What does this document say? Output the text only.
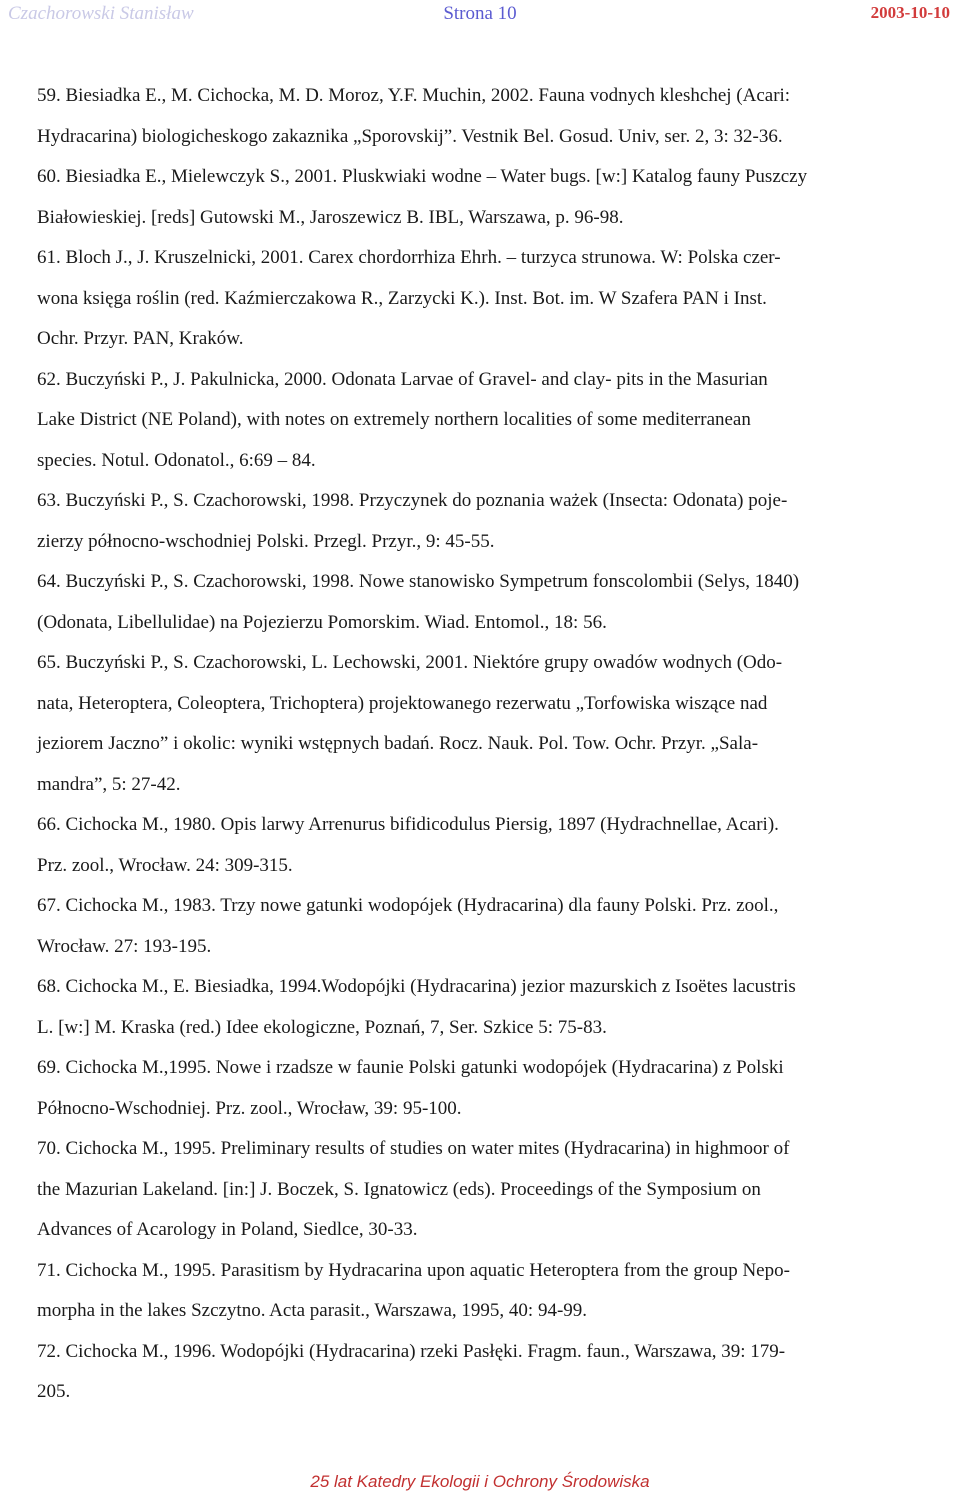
Czachorowski Stanisław	Strona 10	2003-10-10
59. Biesiadka E., M. Cichocka, M. D. Moroz, Y.F. Muchin, 2002. Fauna vodnych kleshchej (Acari:
Hydracarina) biologicheskogo zakaznika „Sporovskij”. Vestnik Bel. Gosud. Univ, ser. 2, 3: 32-36.
60. Biesiadka E., Mielewczyk S., 2001. Pluskwiaki wodne – Water bugs. [w:] Katalog fauny Puszczy
Białowieskiej. [reds] Gutowski M., Jaroszewicz B. IBL, Warszawa, p. 96-98.
61. Bloch J., J. Kruszelnicki, 2001. Carex chordorrhiza Ehrh. – turzyca strunowa. W: Polska czer-
wona księga roślin (red. Kaźmierczakowa R., Zarzycki K.). Inst. Bot. im. W Szafera PAN i Inst.
Ochr. Przyr. PAN, Kraków.
62. Buczyński P., J. Pakulnicka, 2000. Odonata Larvae of Gravel- and clay- pits in the Masurian
Lake District (NE Poland), with notes on extremely northern localities of some mediterranean
species. Notul. Odonatol., 6:69 – 84.
63. Buczyński P., S. Czachorowski, 1998. Przyczynek do poznania ważek (Insecta: Odonata) poje-
zierzy północno-wschodniej Polski. Przegl. Przyr., 9: 45-55.
64. Buczyński P., S. Czachorowski, 1998. Nowe stanowisko Sympetrum fonscolombii (Selys, 1840)
(Odonata, Libellulidae) na Pojezierzu Pomorskim. Wiad. Entomol., 18: 56.
65. Buczyński P., S. Czachorowski, L. Lechowski, 2001. Niektóre grupy owadów wodnych (Odo-
nata, Heteroptera, Coleoptera, Trichoptera) projektowanego rezerwatu „Torfowiska wiszące nad
jeziorem Jaczno” i okolic: wyniki wstępnych badań. Rocz. Nauk. Pol. Tow. Ochr. Przyr. „Sala-
mandra”, 5: 27-42.
66. Cichocka M., 1980. Opis larwy Arrenurus bifidicodulus Piersig, 1897 (Hydrachnellae, Acari).
Prz. zool., Wrocław. 24: 309-315.
67. Cichocka M., 1983. Trzy nowe gatunki wodopójek (Hydracarina) dla fauny Polski. Prz. zool.,
Wrocław. 27: 193-195.
68. Cichocka M., E. Biesiadka, 1994.Wodopójki (Hydracarina) jezior mazurskich z Isoëtes lacustris
L. [w:] M. Kraska (red.) Idee ekologiczne, Poznań, 7, Ser. Szkice 5: 75-83.
69. Cichocka M.,1995. Nowe i rzadsze w faunie Polski gatunki wodopójek (Hydracarina) z Polski
Północno-Wschodniej. Prz. zool., Wrocław, 39: 95-100.
70. Cichocka M., 1995. Preliminary results of studies on water mites (Hydracarina) in highmoor of
the Mazurian Lakeland. [in:] J. Boczek, S. Ignatowicz (eds). Proceedings of the Symposium on
Advances of Acarology in Poland, Siedlce, 30-33.
71. Cichocka M., 1995. Parasitism by Hydracarina upon aquatic Heteroptera from the group Nepo-
morpha in the lakes Szczytno. Acta parasit., Warszawa, 1995, 40: 94-99.
72. Cichocka M., 1996. Wodopójki (Hydracarina) rzeki Pasłęki. Fragm. faun., Warszawa, 39: 179-
205.
25 lat Katedry Ekologii i Ochrony Środowiska
